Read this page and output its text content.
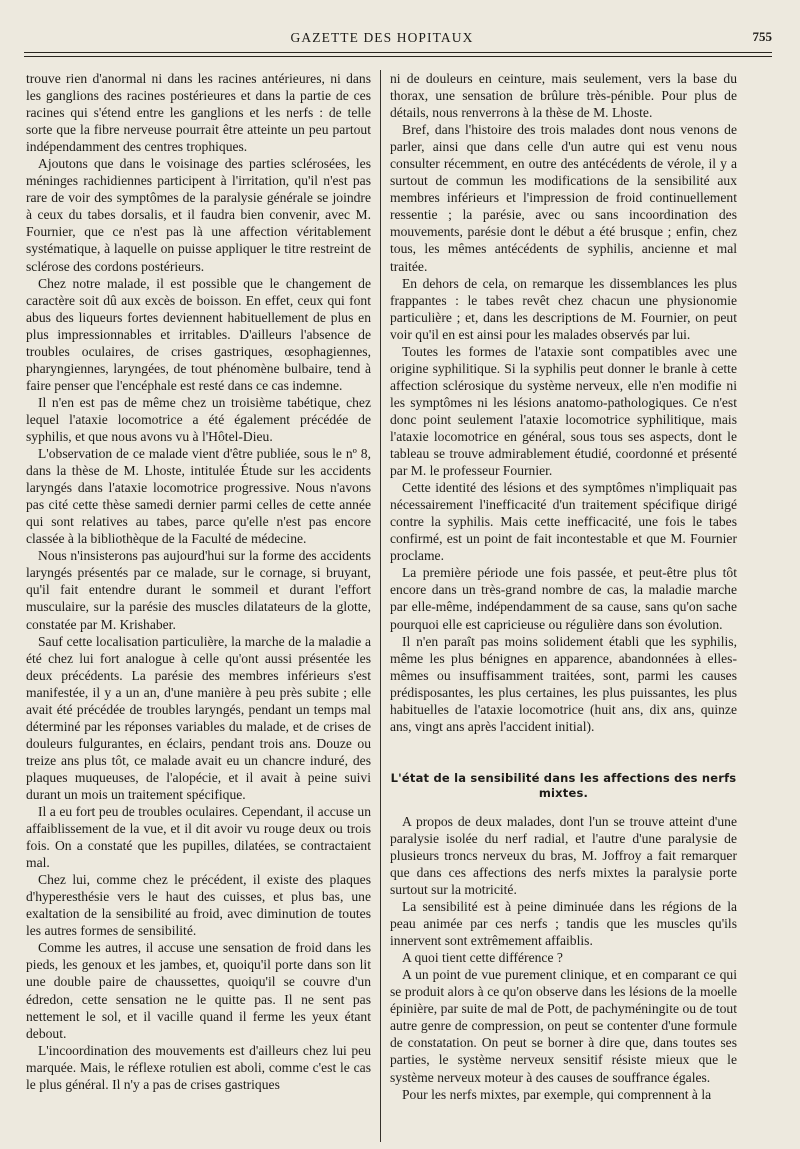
GAZETTE DES HOPITAUX	755

trouve rien d'anormal ni dans les racines antérieures, ni dans les ganglions des racines postérieures et dans la partie de ces racines qui s'étend entre les ganglions et les nerfs : de telle sorte que la fibre nerveuse pourrait être atteinte un peu partout indépendamment des centres trophiques.

Ajoutons que dans le voisinage des parties sclérosées, les méninges rachidiennes participent à l'irritation, qu'il n'est pas rare de voir des symptômes de la paralysie générale se joindre à ceux du tabes dorsalis, et il faudra bien convenir, avec M. Fournier, que ce n'est pas là une affection véritablement systématique, à laquelle on puisse appliquer le titre restreint de sclérose des cordons postérieurs.

Chez notre malade, il est possible que le changement de caractère soit dû aux excès de boisson. En effet, ceux qui font abus des liqueurs fortes deviennent habituellement de plus en plus impressionnables et irritables. D'ailleurs l'absence de troubles oculaires, de crises gastriques, œsophagiennes, pharyngiennes, laryngées, de tout phénomène bulbaire, tend à faire penser que l'encéphale est resté dans ce cas indemne.

Il n'en est pas de même chez un troisième tabétique, chez lequel l'ataxie locomotrice a été également précédée de syphilis, et que nous avons vu à l'Hôtel-Dieu.

L'observation de ce malade vient d'être publiée, sous le nº 8, dans la thèse de M. Lhoste, intitulée Étude sur les accidents laryngés dans l'ataxie locomotrice progressive. Nous n'avons pas cité cette thèse samedi dernier parmi celles de cette année qui sont relatives au tabes, parce qu'elle n'est pas encore classée à la bibliothèque de la Faculté de médecine.

Nous n'insisterons pas aujourd'hui sur la forme des accidents laryngés présentés par ce malade, sur le cornage, si bruyant, qu'il fait entendre durant le sommeil et durant l'effort musculaire, sur la parésie des muscles dilatateurs de la glotte, constatée par M. Krishaber.

Sauf cette localisation particulière, la marche de la maladie a été chez lui fort analogue à celle qu'ont aussi présentée les deux précédents. La parésie des membres inférieurs s'est manifestée, il y a un an, d'une manière à peu près subite ; elle avait été précédée de troubles laryngés, pendant un temps mal déterminé par les réponses variables du malade, et de crises de douleurs fulgurantes, en éclairs, pendant trois ans. Douze ou treize ans plus tôt, ce malade avait eu un chancre induré, des plaques muqueuses, de l'alopécie, et il avait à peine suivi durant un mois un traitement spécifique.

Il a eu fort peu de troubles oculaires. Cependant, il accuse un affaiblissement de la vue, et il dit avoir vu rouge deux ou trois fois. On a constaté que les pupilles, dilatées, se contractaient mal.

Chez lui, comme chez le précédent, il existe des plaques d'hyperesthésie vers le haut des cuisses, et plus bas, une exaltation de la sensibilité au froid, avec diminution de toutes les autres formes de sensibilité.

Comme les autres, il accuse une sensation de froid dans les pieds, les genoux et les jambes, et, quoiqu'il porte dans son lit une double paire de chaussettes, quoiqu'il se couvre d'un édredon, cette sensation ne le quitte pas. Il ne sent pas nettement le sol, et il vacille quand il ferme les yeux étant debout.

L'incoordination des mouvements est d'ailleurs chez lui peu marquée. Mais, le réflexe rotulien est aboli, comme c'est le cas le plus général. Il n'y a pas de crises gastriques

ni de douleurs en ceinture, mais seulement, vers la base du thorax, une sensation de brûlure très-pénible. Pour plus de détails, nous renverrons à la thèse de M. Lhoste.

Bref, dans l'histoire des trois malades dont nous venons de parler, ainsi que dans celle d'un autre qui est venu nous consulter récemment, en outre des antécédents de vérole, il y a surtout de commun les modifications de la sensibilité aux membres inférieurs et l'impression de froid continuellement ressentie ; la parésie, avec ou sans incoordination des mouvements, parésie dont le début a été brusque ; enfin, chez tous, les mêmes antécédents de syphilis, ancienne et mal traitée.

En dehors de cela, on remarque les dissemblances les plus frappantes : le tabes revêt chez chacun une physionomie particulière ; et, dans les descriptions de M. Fournier, on peut voir qu'il en est ainsi pour les malades observés par lui.

Toutes les formes de l'ataxie sont compatibles avec une origine syphilitique. Si la syphilis peut donner le branle à cette affection sclérosique du système nerveux, elle n'en modifie ni les symptômes ni les lésions anatomo-pathologiques. Ce n'est donc point seulement l'ataxie locomotrice syphilitique, mais l'ataxie locomotrice en général, sous tous ses aspects, dont le tableau se trouve admirablement étudié, coordonné et présenté par M. le professeur Fournier.

Cette identité des lésions et des symptômes n'impliquait pas nécessairement l'inefficacité d'un traitement spécifique dirigé contre la syphilis. Mais cette inefficacité, une fois le tabes confirmé, est un point de fait incontestable et que M. Fournier proclame.

La première période une fois passée, et peut-être plus tôt encore dans un très-grand nombre de cas, la maladie marche par elle-même, indépendamment de sa cause, sans qu'on sache pourquoi elle est capricieuse ou régulière dans son évolution.

Il n'en paraît pas moins solidement établi que les syphilis, même les plus bénignes en apparence, abandonnées à elles-mêmes ou insuffisamment traitées, sont, parmi les causes prédisposantes, les plus certaines, les plus puissantes, les plus habituelles de l'ataxie locomotrice (huit ans, dix ans, quinze ans, vingt ans après l'accident initial).

L'état de la sensibilité dans les affections des nerfs mixtes.

A propos de deux malades, dont l'un se trouve atteint d'une paralysie isolée du nerf radial, et l'autre d'une paralysie de plusieurs troncs nerveux du bras, M. Joffroy a fait remarquer que dans ces affections des nerfs mixtes la paralysie porte surtout sur la motricité.

La sensibilité est à peine diminuée dans les régions de la peau animée par ces nerfs ; tandis que les muscles qu'ils innervent sont extrêmement affaiblis.

A quoi tient cette différence ?

A un point de vue purement clinique, et en comparant ce qui se produit alors à ce qu'on observe dans les lésions de la moelle épinière, par suite de mal de Pott, de pachyméningite ou de tout autre genre de compression, on peut se contenter d'une formule de constatation. On peut se borner à dire que, dans toutes ses parties, le système nerveux sensitif résiste mieux que le système nerveux moteur à des causes de souffrance égales.

Pour les nerfs mixtes, par exemple, qui comprennent à la
